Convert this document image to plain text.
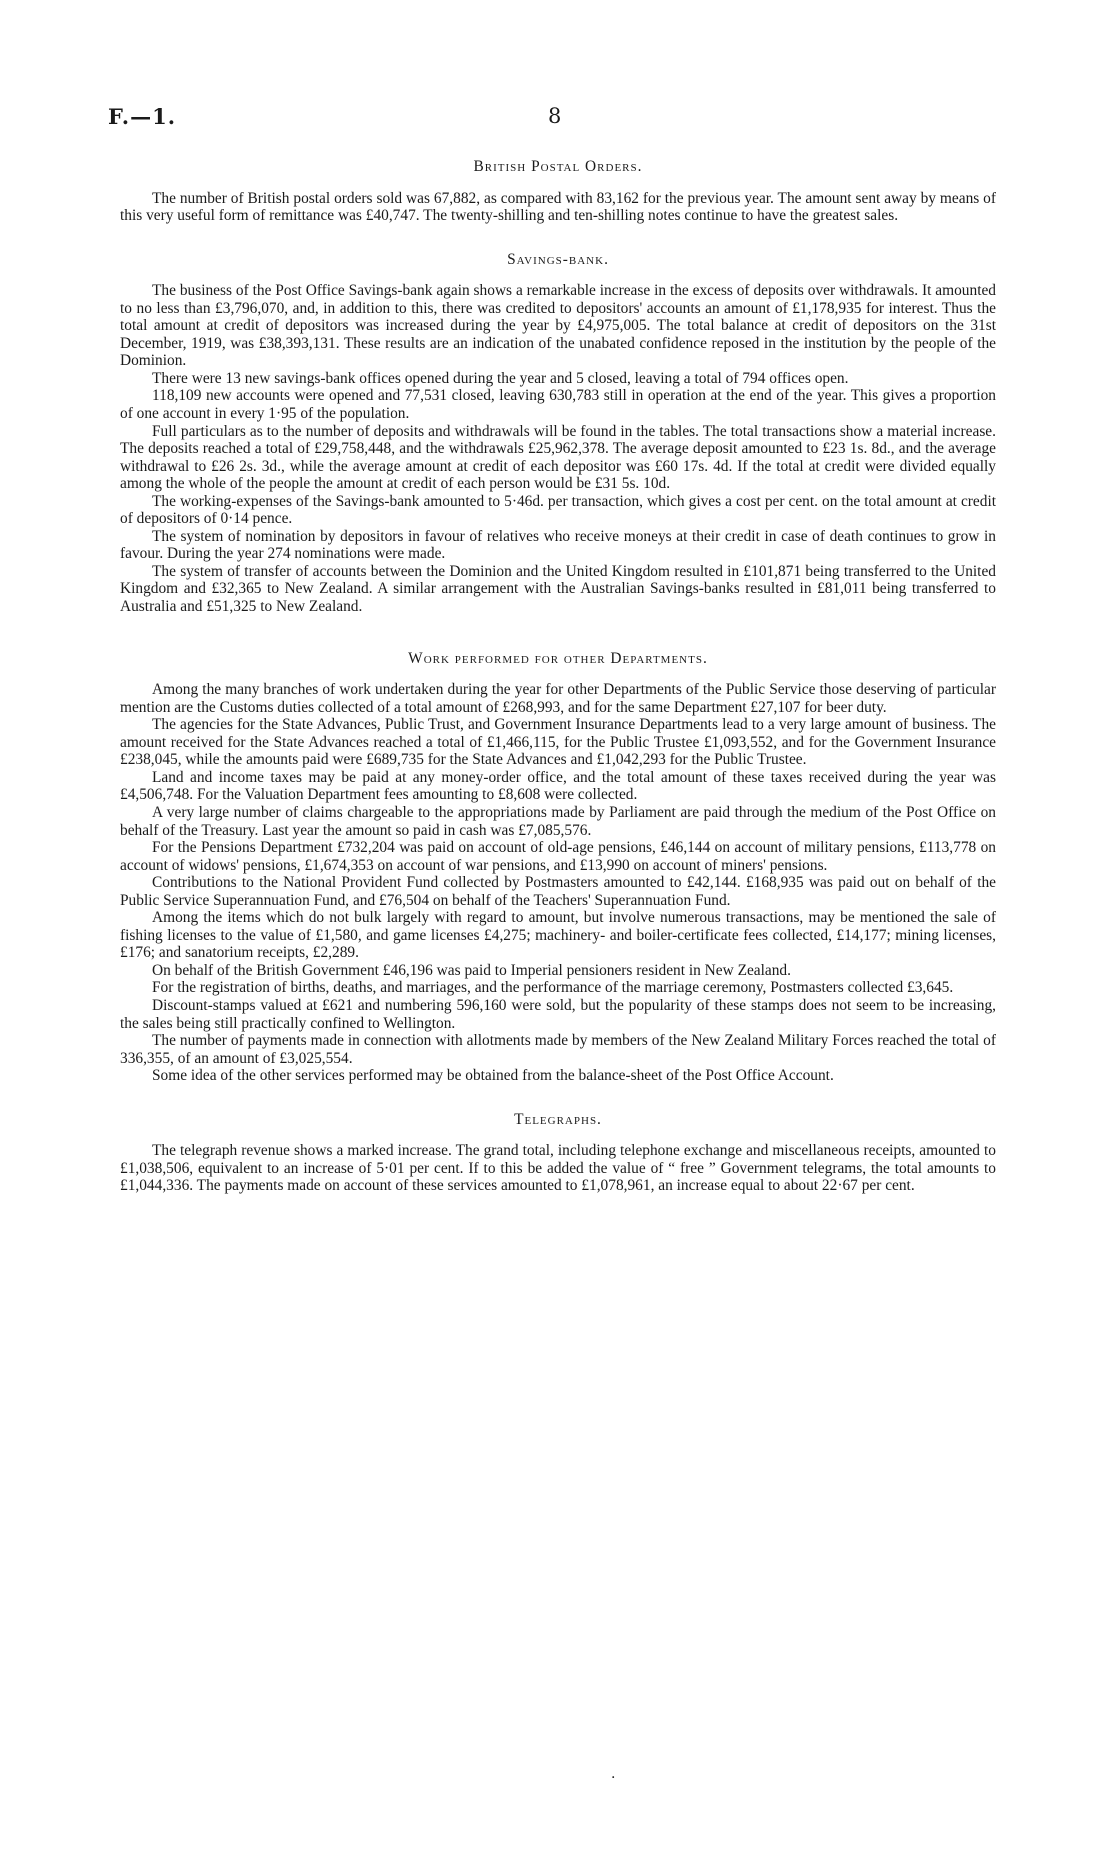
F.—1.	8
British Postal Orders.

The number of British postal orders sold was 67,882, as compared with 83,162 for the previous year. The amount sent away by means of this very useful form of remittance was £40,747. The twenty-shilling and ten-shilling notes continue to have the greatest sales.

Savings-bank.

The business of the Post Office Savings-bank again shows a remarkable increase in the excess of deposits over withdrawals. It amounted to no less than £3,796,070, and, in addition to this, there was credited to depositors' accounts an amount of £1,178,935 for interest. Thus the total amount at credit of depositors was increased during the year by £4,975,005. The total balance at credit of depositors on the 31st December, 1919, was £38,393,131. These results are an indication of the unabated confidence reposed in the institution by the people of the Dominion.

There were 13 new savings-bank offices opened during the year and 5 closed, leaving a total of 794 offices open.

118,109 new accounts were opened and 77,531 closed, leaving 630,783 still in operation at the end of the year. This gives a proportion of one account in every 1·95 of the population.

Full particulars as to the number of deposits and withdrawals will be found in the tables. The total transactions show a material increase. The deposits reached a total of £29,758,448, and the withdrawals £25,962,378. The average deposit amounted to £23 1s. 8d., and the average withdrawal to £26 2s. 3d., while the average amount at credit of each depositor was £60 17s. 4d. If the total at credit were divided equally among the whole of the people the amount at credit of each person would be £31 5s. 10d.

The working-expenses of the Savings-bank amounted to 5·46d. per transaction, which gives a cost per cent. on the total amount at credit of depositors of 0·14 pence.

The system of nomination by depositors in favour of relatives who receive moneys at their credit in case of death continues to grow in favour. During the year 274 nominations were made.

The system of transfer of accounts between the Dominion and the United Kingdom resulted in £101,871 being transferred to the United Kingdom and £32,365 to New Zealand. A similar arrangement with the Australian Savings-banks resulted in £81,011 being transferred to Australia and £51,325 to New Zealand.

Work performed for other Departments.

Among the many branches of work undertaken during the year for other Departments of the Public Service those deserving of particular mention are the Customs duties collected of a total amount of £268,993, and for the same Department £27,107 for beer duty.

The agencies for the State Advances, Public Trust, and Government Insurance Departments lead to a very large amount of business. The amount received for the State Advances reached a total of £1,466,115, for the Public Trustee £1,093,552, and for the Government Insurance £238,045, while the amounts paid were £689,735 for the State Advances and £1,042,293 for the Public Trustee.

Land and income taxes may be paid at any money-order office, and the total amount of these taxes received during the year was £4,506,748. For the Valuation Department fees amounting to £8,608 were collected.

A very large number of claims chargeable to the appropriations made by Parliament are paid through the medium of the Post Office on behalf of the Treasury. Last year the amount so paid in cash was £7,085,576.

For the Pensions Department £732,204 was paid on account of old-age pensions, £46,144 on account of military pensions, £113,778 on account of widows' pensions, £1,674,353 on account of war pensions, and £13,990 on account of miners' pensions.

Contributions to the National Provident Fund collected by Postmasters amounted to £42,144. £168,935 was paid out on behalf of the Public Service Superannuation Fund, and £76,504 on behalf of the Teachers' Superannuation Fund.

Among the items which do not bulk largely with regard to amount, but involve numerous transactions, may be mentioned the sale of fishing licenses to the value of £1,580, and game licenses £4,275; machinery- and boiler-certificate fees collected, £14,177; mining licenses, £176; and sanatorium receipts, £2,289.

On behalf of the British Government £46,196 was paid to Imperial pensioners resident in New Zealand.

For the registration of births, deaths, and marriages, and the performance of the marriage ceremony, Postmasters collected £3,645.

Discount-stamps valued at £621 and numbering 596,160 were sold, but the popularity of these stamps does not seem to be increasing, the sales being still practically confined to Wellington.

The number of payments made in connection with allotments made by members of the New Zealand Military Forces reached the total of 336,355, of an amount of £3,025,554.

Some idea of the other services performed may be obtained from the balance-sheet of the Post Office Account.

Telegraphs.

The telegraph revenue shows a marked increase. The grand total, including telephone exchange and miscellaneous receipts, amounted to £1,038,506, equivalent to an increase of 5·01 per cent. If to this be added the value of “ free ” Government telegrams, the total amounts to £1,044,336. The payments made on account of these services amounted to £1,078,961, an increase equal to about 22·67 per cent.

·
